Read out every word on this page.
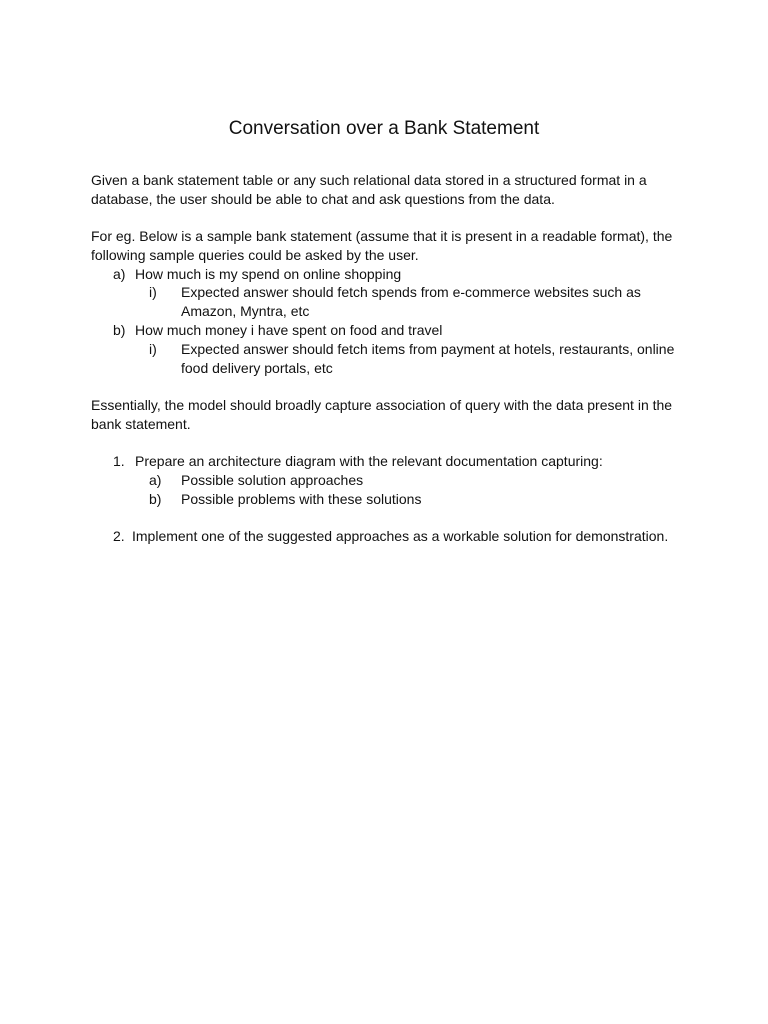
Conversation over a Bank Statement

Given a bank statement table or any such relational data stored in a structured format in a database, the user should be able to chat and ask questions from the data.

For eg. Below is a sample bank statement (assume that it is present in a readable format), the following sample queries could be asked by the user.

a) How much is my spend on online shopping
i) Expected answer should fetch spends from e-commerce websites such as Amazon, Myntra, etc
b) How much money i have spent on food and travel
i) Expected answer should fetch items from payment at hotels, restaurants, online food delivery portals, etc

Essentially, the model should broadly capture association of query with the data present in the bank statement.

1. Prepare an architecture diagram with the relevant documentation capturing:
a) Possible solution approaches
b) Possible problems with these solutions
2. Implement one of the suggested approaches as a workable solution for demonstration.
